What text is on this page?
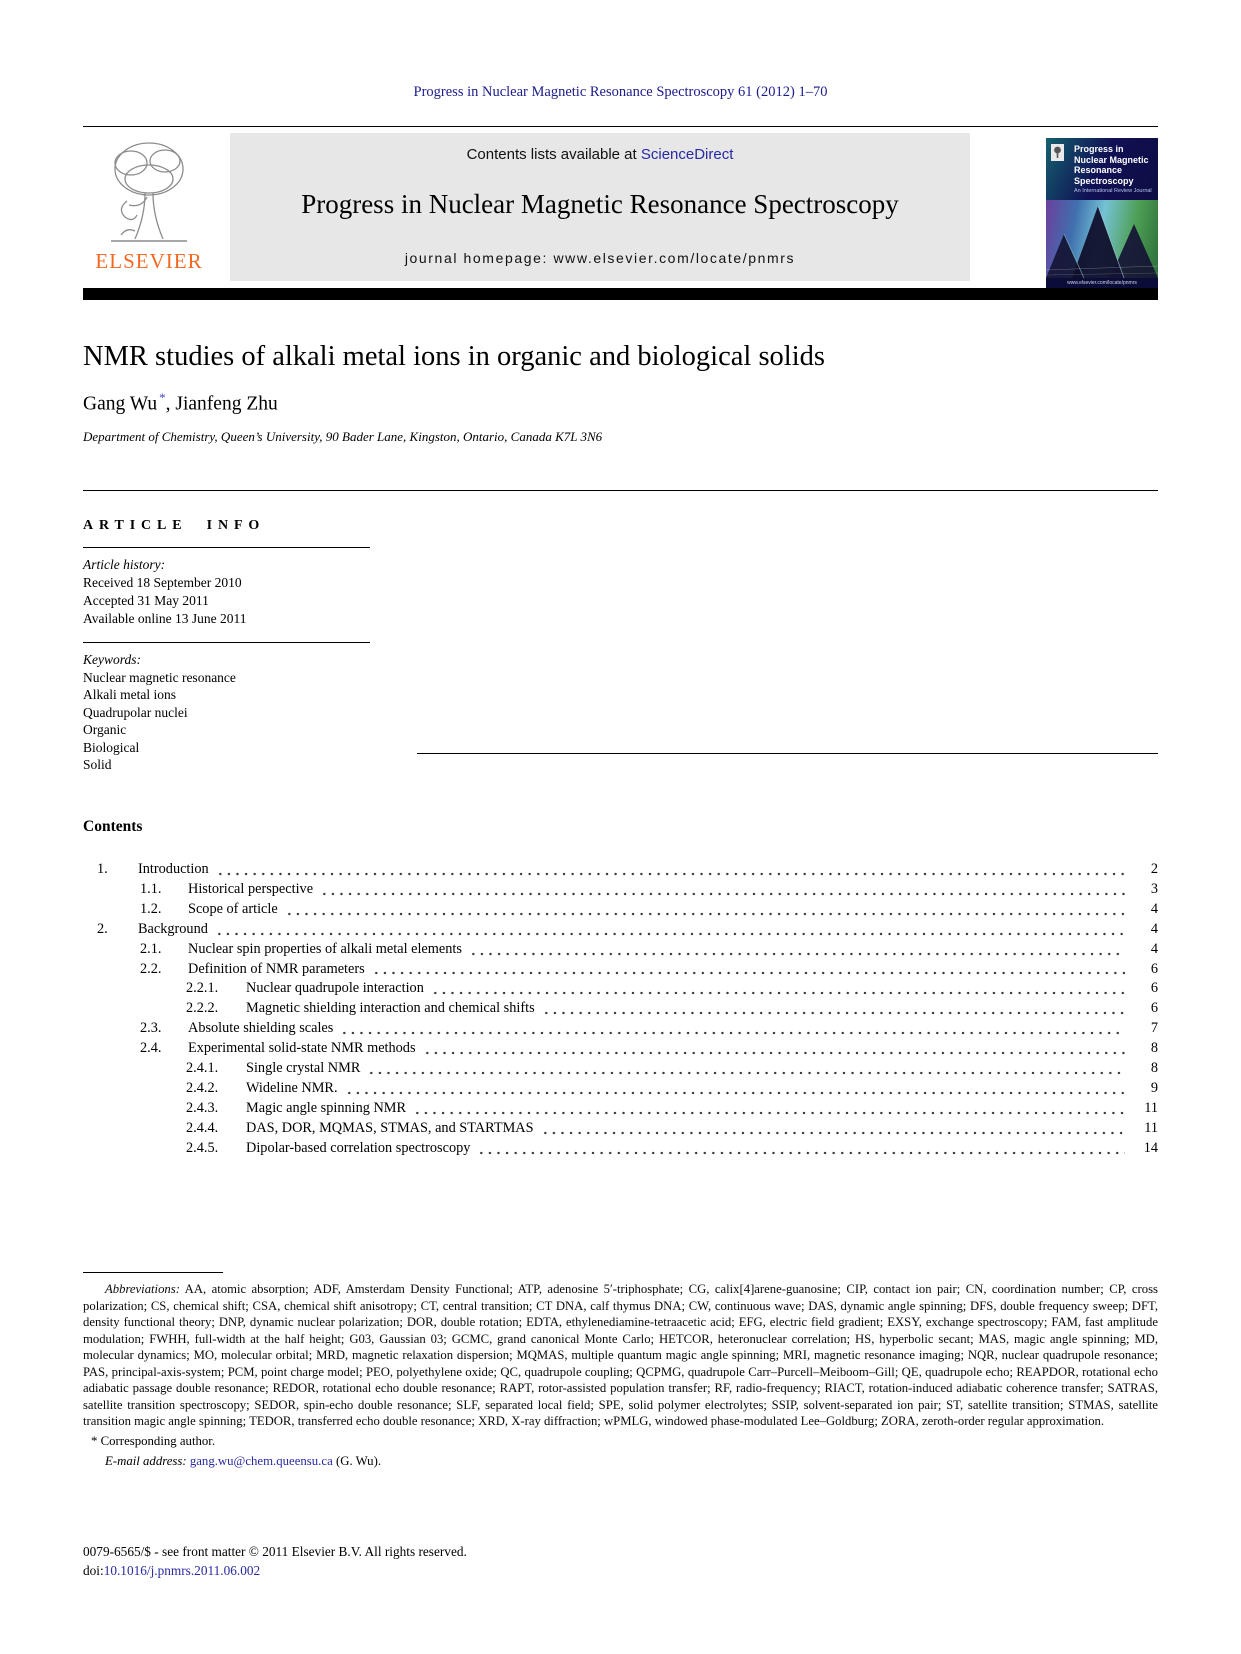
Progress in Nuclear Magnetic Resonance Spectroscopy 61 (2012) 1–70
ELSEVIER
Contents lists available at ScienceDirect
Progress in Nuclear Magnetic Resonance Spectroscopy
journal homepage: www.elsevier.com/locate/pnmrs
Progress in
Nuclear Magnetic
Resonance
Spectroscopy
An International Review Journal
www.elsevier.com/locate/pnmrs
NMR studies of alkali metal ions in organic and biological solids
Gang Wu *, Jianfeng Zhu
Department of Chemistry, Queen’s University, 90 Bader Lane, Kingston, Ontario, Canada K7L 3N6
ARTICLE INFO
Article history:
Received 18 September 2010
Accepted 31 May 2011
Available online 13 June 2011
Keywords:
Nuclear magnetic resonance
Alkali metal ions
Quadrupolar nuclei
Organic
Biological
Solid
Contents
1.	Introduction	2
1.1.	Historical perspective	3
1.2.	Scope of article	4
2.	Background	4
2.1.	Nuclear spin properties of alkali metal elements	4
2.2.	Definition of NMR parameters	6
2.2.1.	Nuclear quadrupole interaction	6
2.2.2.	Magnetic shielding interaction and chemical shifts	6
2.3.	Absolute shielding scales	7
2.4.	Experimental solid-state NMR methods	8
2.4.1.	Single crystal NMR	8
2.4.2.	Wideline NMR.	9
2.4.3.	Magic angle spinning NMR	11
2.4.4.	DAS, DOR, MQMAS, STMAS, and STARTMAS	11
2.4.5.	Dipolar-based correlation spectroscopy	14

Abbreviations: AA, atomic absorption; ADF, Amsterdam Density Functional; ATP, adenosine 5′-triphosphate; CG, calix[4]arene-guanosine; CIP, contact ion pair; CN, coordination number; CP, cross polarization; CS, chemical shift; CSA, chemical shift anisotropy; CT, central transition; CT DNA, calf thymus DNA; CW, continuous wave; DAS, dynamic angle spinning; DFS, double frequency sweep; DFT, density functional theory; DNP, dynamic nuclear polarization; DOR, double rotation; EDTA, ethylenediamine-tetraacetic acid; EFG, electric field gradient; EXSY, exchange spectroscopy; FAM, fast amplitude modulation; FWHH, full-width at the half height; G03, Gaussian 03; GCMC, grand canonical Monte Carlo; HETCOR, heteronuclear correlation; HS, hyperbolic secant; MAS, magic angle spinning; MD, molecular dynamics; MO, molecular orbital; MRD, magnetic relaxation dispersion; MQMAS, multiple quantum magic angle spinning; MRI, magnetic resonance imaging; NQR, nuclear quadrupole resonance; PAS, principal-axis-system; PCM, point charge model; PEO, polyethylene oxide; QC, quadrupole coupling; QCPMG, quadrupole Carr–Purcell–Meiboom–Gill; QE, quadrupole echo; REAPDOR, rotational echo adiabatic passage double resonance; REDOR, rotational echo double resonance; RAPT, rotor-assisted population transfer; RF, radio-frequency; RIACT, rotation-induced adiabatic coherence transfer; SATRAS, satellite transition spectroscopy; SEDOR, spin-echo double resonance; SLF, separated local field; SPE, solid polymer electrolytes; SSIP, solvent-separated ion pair; ST, satellite transition; STMAS, satellite transition magic angle spinning; TEDOR, transferred echo double resonance; XRD, X-ray diffraction; wPMLG, windowed phase-modulated Lee–Goldburg; ZORA, zeroth-order regular approximation.

* Corresponding author.
E-mail address: gang.wu@chem.queensu.ca (G. Wu).
0079-6565/$ - see front matter © 2011 Elsevier B.V. All rights reserved.
doi:10.1016/j.pnmrs.2011.06.002
